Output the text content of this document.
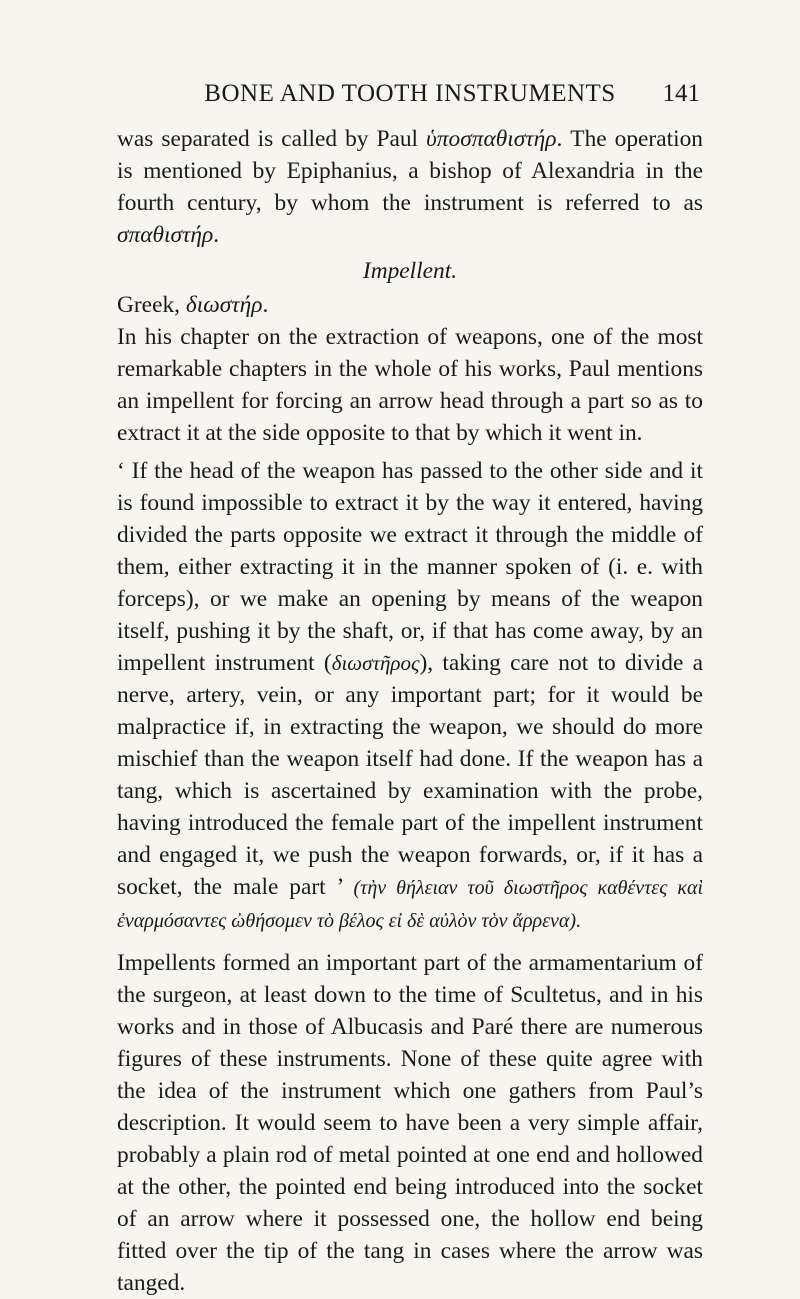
BONE AND TOOTH INSTRUMENTS	141

was separated is called by Paul ὑποσπαθιστήρ. The operation is mentioned by Epiphanius, a bishop of Alexandria in the fourth century, by whom the instrument is referred to as σπαθιστήρ.

Impellent.

Greek, διωστήρ.

In his chapter on the extraction of weapons, one of the most remarkable chapters in the whole of his works, Paul mentions an impellent for forcing an arrow head through a part so as to extract it at the side opposite to that by which it went in.

‘ If the head of the weapon has passed to the other side and it is found impossible to extract it by the way it entered, having divided the parts opposite we extract it through the middle of them, either extracting it in the manner spoken of (i. e. with forceps), or we make an opening by means of the weapon itself, pushing it by the shaft, or, if that has come away, by an impellent instrument (διωστῆρος), taking care not to divide a nerve, artery, vein, or any important part; for it would be malpractice if, in extracting the weapon, we should do more mischief than the weapon itself had done. If the weapon has a tang, which is ascertained by examination with the probe, having introduced the female part of the impellent instrument and engaged it, we push the weapon forwards, or, if it has a socket, the male part ’ (τὴν θήλειαν τοῦ διωστῆρος καθέντες καὶ ἐναρμόσαντες ὠθήσομεν τὸ βέλος εἰ δὲ αὐλὸν τὸν ἄρρενα).

Impellents formed an important part of the armamentarium of the surgeon, at least down to the time of Scultetus, and in his works and in those of Albucasis and Paré there are numerous figures of these instruments. None of these quite agree with the idea of the instrument which one gathers from Paul’s description. It would seem to have been a very simple affair, probably a plain rod of metal pointed at one end and hollowed at the other, the pointed end being introduced into the socket of an arrow where it possessed one, the hollow end being fitted over the tip of the tang in cases where the arrow was tanged.
